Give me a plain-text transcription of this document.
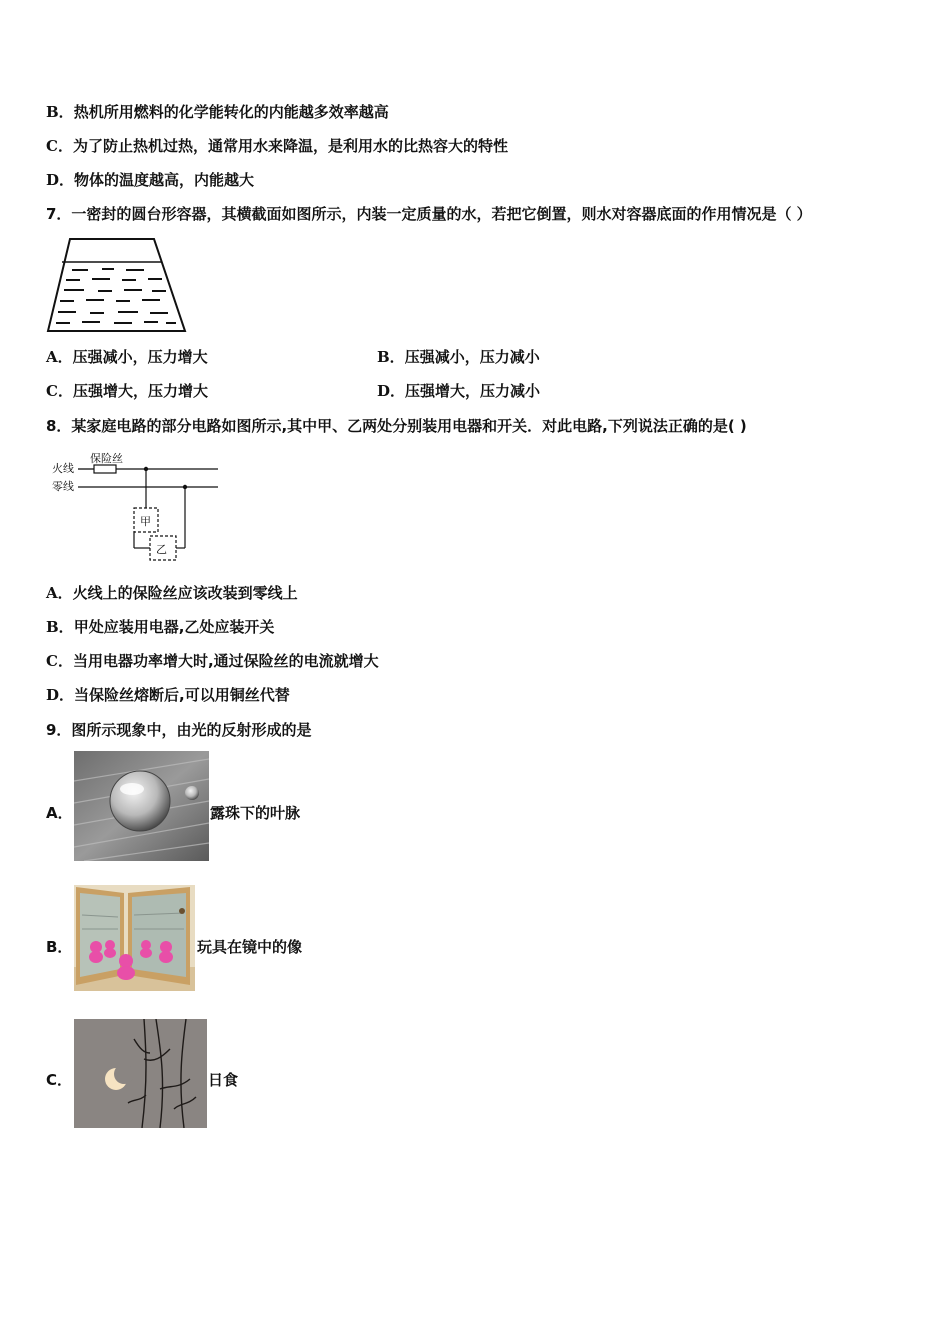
B．热机所用燃料的化学能转化的内能越多效率越高
C．为了防止热机过热，通常用水来降温，是利用水的比热容大的特性
D．物体的温度越高，内能越大
7．一密封的圆台形容器，其横截面如图所示，内装一定质量的水，若把它倒置，则水对容器底面的作用情况是（ ）
A．压强减小，压力增大	B．压强减小，压力减小
C．压强增大，压力增大	D．压强增大，压力减小
8．某家庭电路的部分电路如图所示,其中甲、乙两处分别装用电器和开关．对此电路,下列说法正确的是( )
火线
零线
保险丝
甲
乙
A．火线上的保险丝应该改装到零线上
B．甲处应装用电器,乙处应装开关
C．当用电器功率增大时,通过保险丝的电流就增大
D．当保险丝熔断后,可以用铜丝代替
9．图所示现象中，由光的反射形成的是
A．	露珠下的叶脉
B．	玩具在镜中的像
C．	日食
